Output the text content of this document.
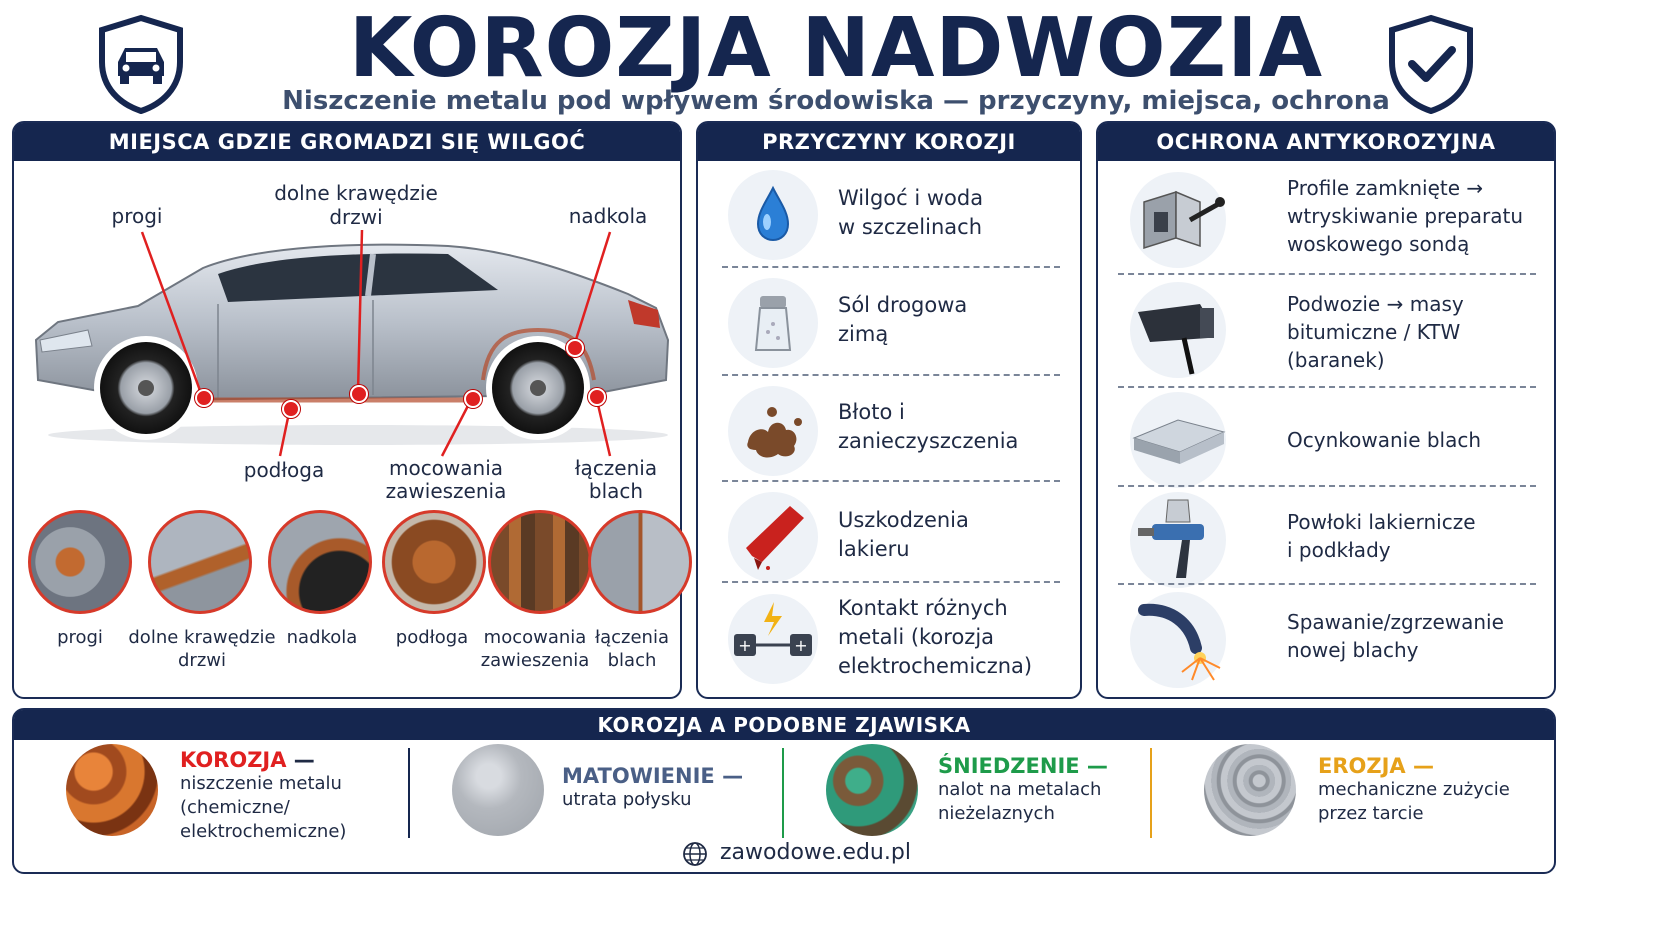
KOROZJA NADWOZIA
Niszczenie metalu pod wpływem środowiska — przyczyny, miejsca, ochrona
MIEJSCA GDZIE GROMADZI SIĘ WILGOĆ
progi
dolne krawędzie
drzwi	nadkola
podłoga	mocowania
zawieszenia
łączenia
blach
progi	dolne krawędzie
drzwi
nadkola	podłoga mocowania
zawieszenia
łączenia
blach
PRZYCZYNY KOROZJI
+	+
Wilgoć i woda
w szczelinach
Sól drogowa
zimą
Błoto i
zanieczyszczenia
Uszkodzenia
lakieru
Kontakt różnych
metali (korozja
elektrochemiczna)
OCHRONA ANTYKOROZYJNA
Profile zamknięte →
wtryskiwanie preparatu
woskowego sondą
Podwozie → masy
bitumiczne / KTW
(baranek)
Ocynkowanie blach
Powłoki lakiernicze
i podkłady
Spawanie/zgrzewanie
nowej blachy
KOROZJA A PODOBNE ZJAWISKA
KOROZJA —
niszczenie metalu
(chemiczne/
elektrochemiczne)
MATOWIENIE —
utrata połysku
ŚNIEDZENIE —
nalot na metalach
nieżelaznych
EROZJA —
mechaniczne zużycie
przez tarcie
zawodowe.edu.pl
